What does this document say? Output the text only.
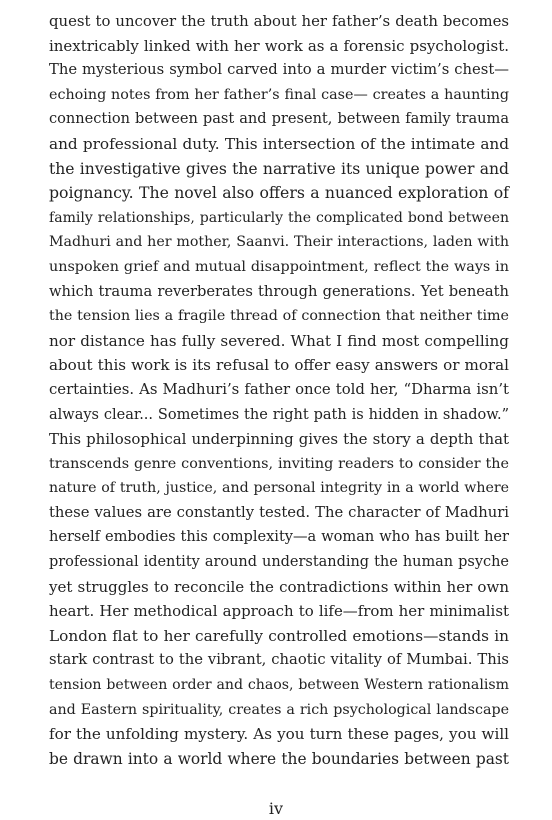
quest to uncover the truth about her father’s death becomes
inextricably linked with her work as a forensic psychologist.
The mysterious symbol carved into a murder victim’s chest—
echoing notes from her father’s final case— creates a haunting
connection between past and present, between family trauma
and professional duty. This intersection of the intimate and
the investigative gives the narrative its unique power and
poignancy. The novel also offers a nuanced exploration of
family relationships, particularly the complicated bond between
Madhuri and her mother, Saanvi. Their interactions, laden with
unspoken grief and mutual disappointment, reflect the ways in
which trauma reverberates through generations. Yet beneath
the tension lies a fragile thread of connection that neither time
nor distance has fully severed. What I find most compelling
about this work is its refusal to offer easy answers or moral
certainties. As Madhuri’s father once told her, “Dharma isn’t
always clear... Sometimes the right path is hidden in shadow.”
This philosophical underpinning gives the story a depth that
transcends genre conventions, inviting readers to consider the
nature of truth, justice, and personal integrity in a world where
these values are constantly tested. The character of Madhuri
herself embodies this complexity—a woman who has built her
professional identity around understanding the human psyche
yet struggles to reconcile the contradictions within her own
heart. Her methodical approach to life—from her minimalist
London flat to her carefully controlled emotions—stands in
stark contrast to the vibrant, chaotic vitality of Mumbai. This
tension between order and chaos, between Western rationalism
and Eastern spirituality, creates a rich psychological landscape
for the unfolding mystery. As you turn these pages, you will
be drawn into a world where the boundaries between past
iv
